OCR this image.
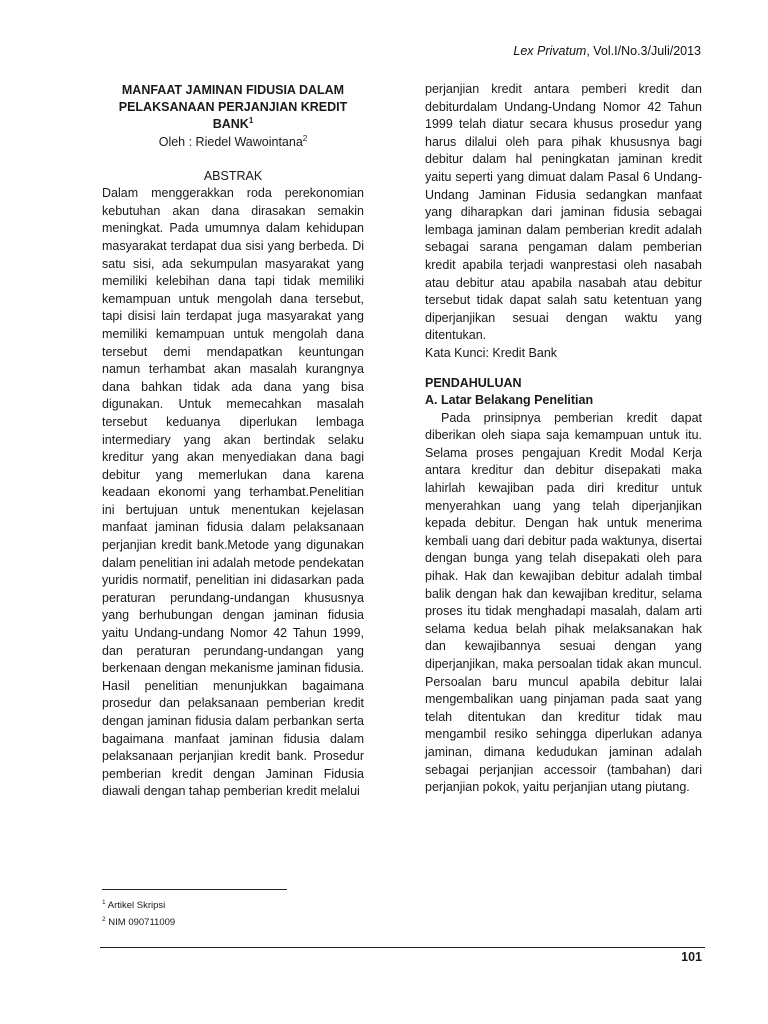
Lex Privatum, Vol.I/No.3/Juli/2013
MANFAAT JAMINAN FIDUSIA DALAM
PELAKSANAAN PERJANJIAN KREDIT BANK$^1$
Oleh : Riedel Wawointana$^2$
ABSTRAK
Dalam menggerakkan roda perekonomian kebutuhan akan dana dirasakan semakin meningkat. Pada umumnya dalam kehidupan masyarakat terdapat dua sisi yang berbeda. Di satu sisi, ada sekumpulan masyarakat yang memiliki kelebihan dana tapi tidak memiliki kemampuan untuk mengolah dana tersebut, tapi disisi lain terdapat juga masyarakat yang memiliki kemampuan untuk mengolah dana tersebut demi mendapatkan keuntungan namun terhambat akan masalah kurangnya dana bahkan tidak ada dana yang bisa digunakan. Untuk memecahkan masalah tersebut keduanya diperlukan lembaga intermediary yang akan bertindak selaku kreditur yang akan menyediakan dana bagi debitur yang memerlukan dana karena keadaan ekonomi yang terhambat.Penelitian ini bertujuan untuk menentukan kejelasan manfaat jaminan fidusia dalam pelaksanaan perjanjian kredit bank.Metode yang digunakan dalam penelitian ini adalah metode pendekatan yuridis normatif, penelitian ini didasarkan pada peraturan perundang-undangan khususnya yang berhubungan dengan jaminan fidusia yaitu Undang-undang Nomor 42 Tahun 1999, dan peraturan perundang-undangan yang berkenaan dengan mekanisme jaminan fidusia. Hasil penelitian menunjukkan bagaimana prosedur dan pelaksanaan pemberian kredit dengan jaminan fidusia dalam perbankan serta bagaimana manfaat jaminan fidusia dalam pelaksanaan perjanjian kredit bank. Prosedur pemberian kredit dengan Jaminan Fidusia diawali dengan tahap pemberian kredit melalui
perjanjian kredit antara pemberi kredit dan debiturdalam Undang-Undang Nomor 42 Tahun 1999 telah diatur secara khusus prosedur yang harus dilalui oleh para pihak khususnya bagi debitur dalam hal peningkatan jaminan kredit yaitu seperti yang dimuat dalam Pasal 6 Undang-Undang Jaminan Fidusia sedangkan manfaat yang diharapkan dari jaminan fidusia sebagai lembaga jaminan dalam pemberian kredit adalah sebagai sarana pengaman dalam pemberian kredit apabila terjadi wanprestasi oleh nasabah atau debitur atau apabila nasabah atau debitur tersebut tidak dapat salah satu ketentuan yang diperjanjikan sesuai dengan waktu yang ditentukan.
Kata Kunci: Kredit Bank
PENDAHULUAN
A. Latar Belakang Penelitian
Pada prinsipnya pemberian kredit dapat diberikan oleh siapa saja kemampuan untuk itu. Selama proses pengajuan Kredit Modal Kerja antara kreditur dan debitur disepakati maka lahirlah kewajiban pada diri kreditur untuk menyerahkan uang yang telah diperjanjikan kepada debitur. Dengan hak untuk menerima kembali uang dari debitur pada waktunya, disertai dengan bunga yang telah disepakati oleh para pihak. Hak dan kewajiban debitur adalah timbal balik dengan hak dan kewajiban kreditur, selama proses itu tidak menghadapi masalah, dalam arti selama kedua belah pihak melaksanakan hak dan kewajibannya sesuai dengan yang diperjanjikan, maka persoalan tidak akan muncul. Persoalan baru muncul apabila debitur lalai mengembalikan uang pinjaman pada saat yang telah ditentukan dan kreditur tidak mau mengambil resiko sehingga diperlukan adanya jaminan, dimana kedudukan jaminan adalah sebagai perjanjian accessoir (tambahan) dari perjanjian pokok, yaitu perjanjian utang piutang.
$^1$ Artikel Skripsi
$^2$ NIM 090711009
101
